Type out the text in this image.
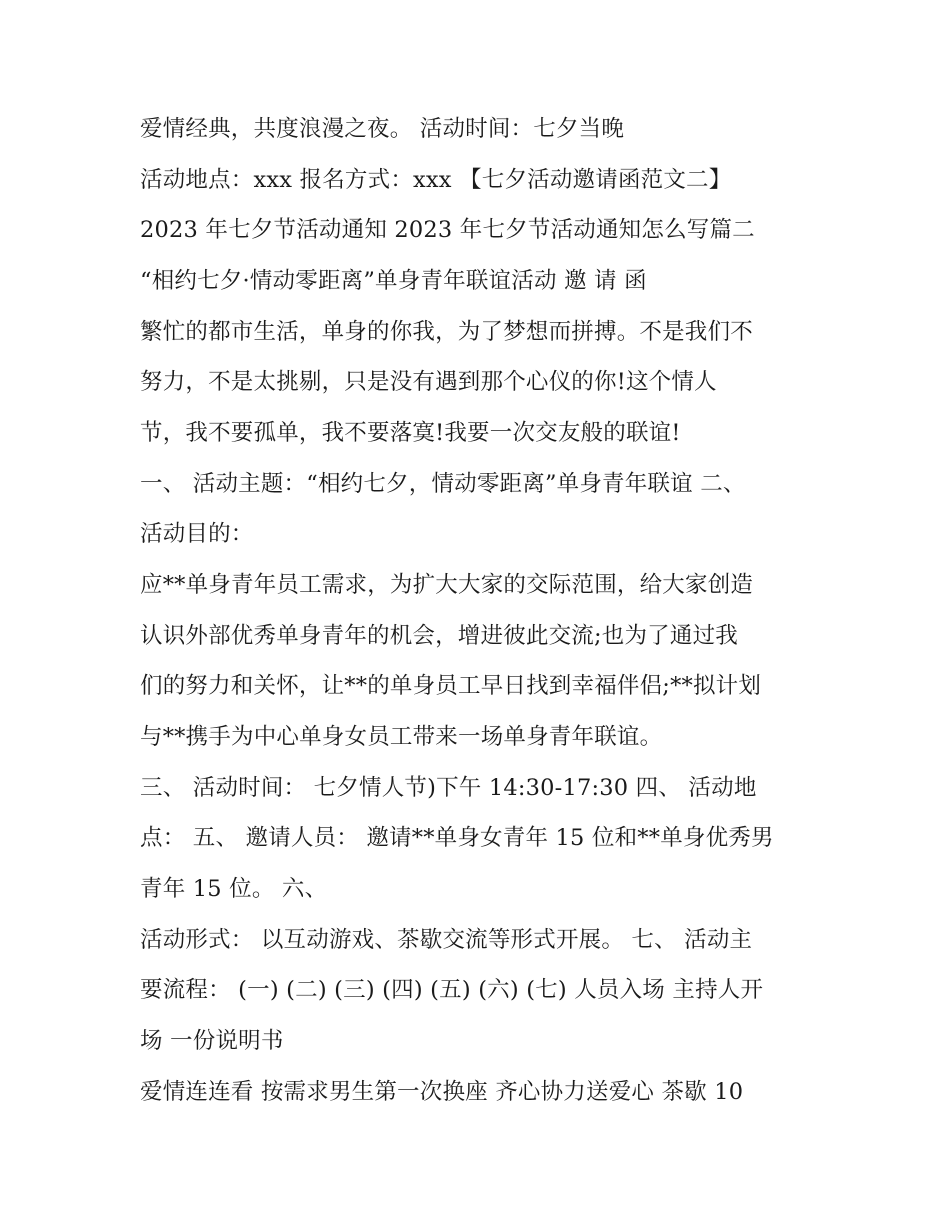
爱情经典，共度浪漫之夜。 活动时间：七夕当晚
活动地点：xxx 报名方式：xxx 【七夕活动邀请函范文二】
2023 年七夕节活动通知 2023 年七夕节活动通知怎么写篇二
“相约七夕·情动零距离”单身青年联谊活动 邀 请 函
繁忙的都市生活，单身的你我，为了梦想而拼搏。不是我们不
努力，不是太挑剔，只是没有遇到那个心仪的你!这个情人
节，我不要孤单，我不要落寞!我要一次交友般的联谊!
一、 活动主题：“相约七夕，情动零距离”单身青年联谊 二、
活动目的：
应**单身青年员工需求，为扩大大家的交际范围，给大家创造
认识外部优秀单身青年的机会，增进彼此交流;也为了通过我
们的努力和关怀，让**的单身员工早日找到幸福伴侣;**拟计划
与**携手为中心单身女员工带来一场单身青年联谊。
三、 活动时间： 七夕情人节)下午 14:30-17:30 四、 活动地
点： 五、 邀请人员： 邀请**单身女青年 15 位和**单身优秀男
青年 15 位。 六、
活动形式： 以互动游戏、茶歇交流等形式开展。 七、 活动主
要流程： (一) (二) (三) (四) (五) (六) (七) 人员入场 主持人开
场 一份说明书
爱情连连看 按需求男生第一次换座 齐心协力送爱心 茶歇 10
